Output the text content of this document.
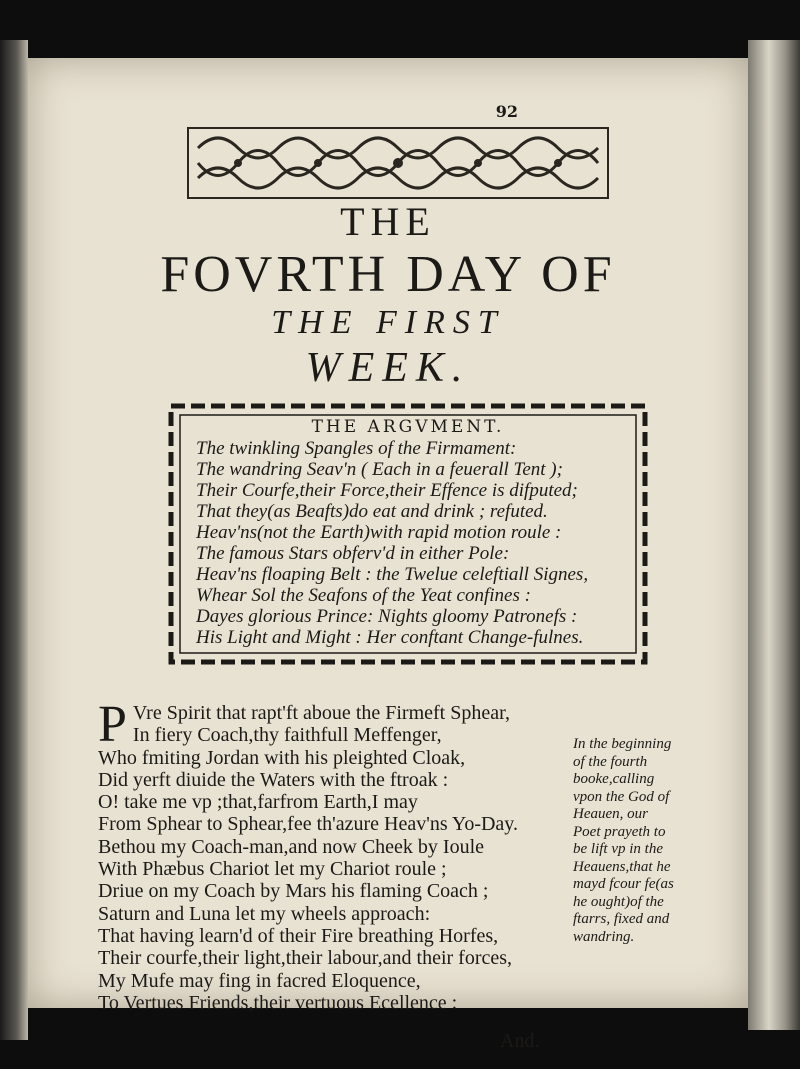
92
THE
FOVRTH DAY OF
THE FIRST
WEEK.
THE ARGVMENT.
The twinkling Spangles of the Firmament:
The wandring Seav'n ( Each in a feuerall Tent );
Their Courfe,their Force,their Effence is difputed;
That they(as Beafts)do eat and drink ; refuted.
Heav'ns(not the Earth)with rapid motion roule :
The famous Stars obferv'd in either Pole:
Heav'ns floaping Belt : the Twelue celeftiall Signes,
Whear Sol the Seafons of the Yeat confines :
Dayes glorious Prince: Nights gloomy Patronefs :
His Light and Might : Her conftant Change-fulnes.
P Vre Spirit that rapt'ft aboue the Firmeft Sphear,
In fiery Coach,thy faithfull Meffenger,
Who fmiting Jordan with his pleighted Cloak,
Did yerft diuide the Waters with the ftroak :
O! take me vp ;that,farfrom Earth,I may
From Sphear to Sphear,fee th'azure Heav'ns Yo-Day.
Bethou my Coach-man,and now Cheek by Ioule
With Phæbus Chariot let my Chariot roule ;
Driue on my Coach by Mars his flaming Coach ;
Saturn and Luna let my wheels approach:
That having learn'd of their Fire breathing Horfes,
Their courfe,their light,their labour,and their forces,
My Mufe may fing in facred Eloquence,
To Vertues Friends,their vertuous Ecellence :
In the beginning
of the fourth
booke,calling
vpon the God of
Heauen, our
Poet prayeth to
be lift vp in the
Heauens,that he
mayd fcour fe(as
he ought)of the
ftarrs, fixed and
wandring.
And.
